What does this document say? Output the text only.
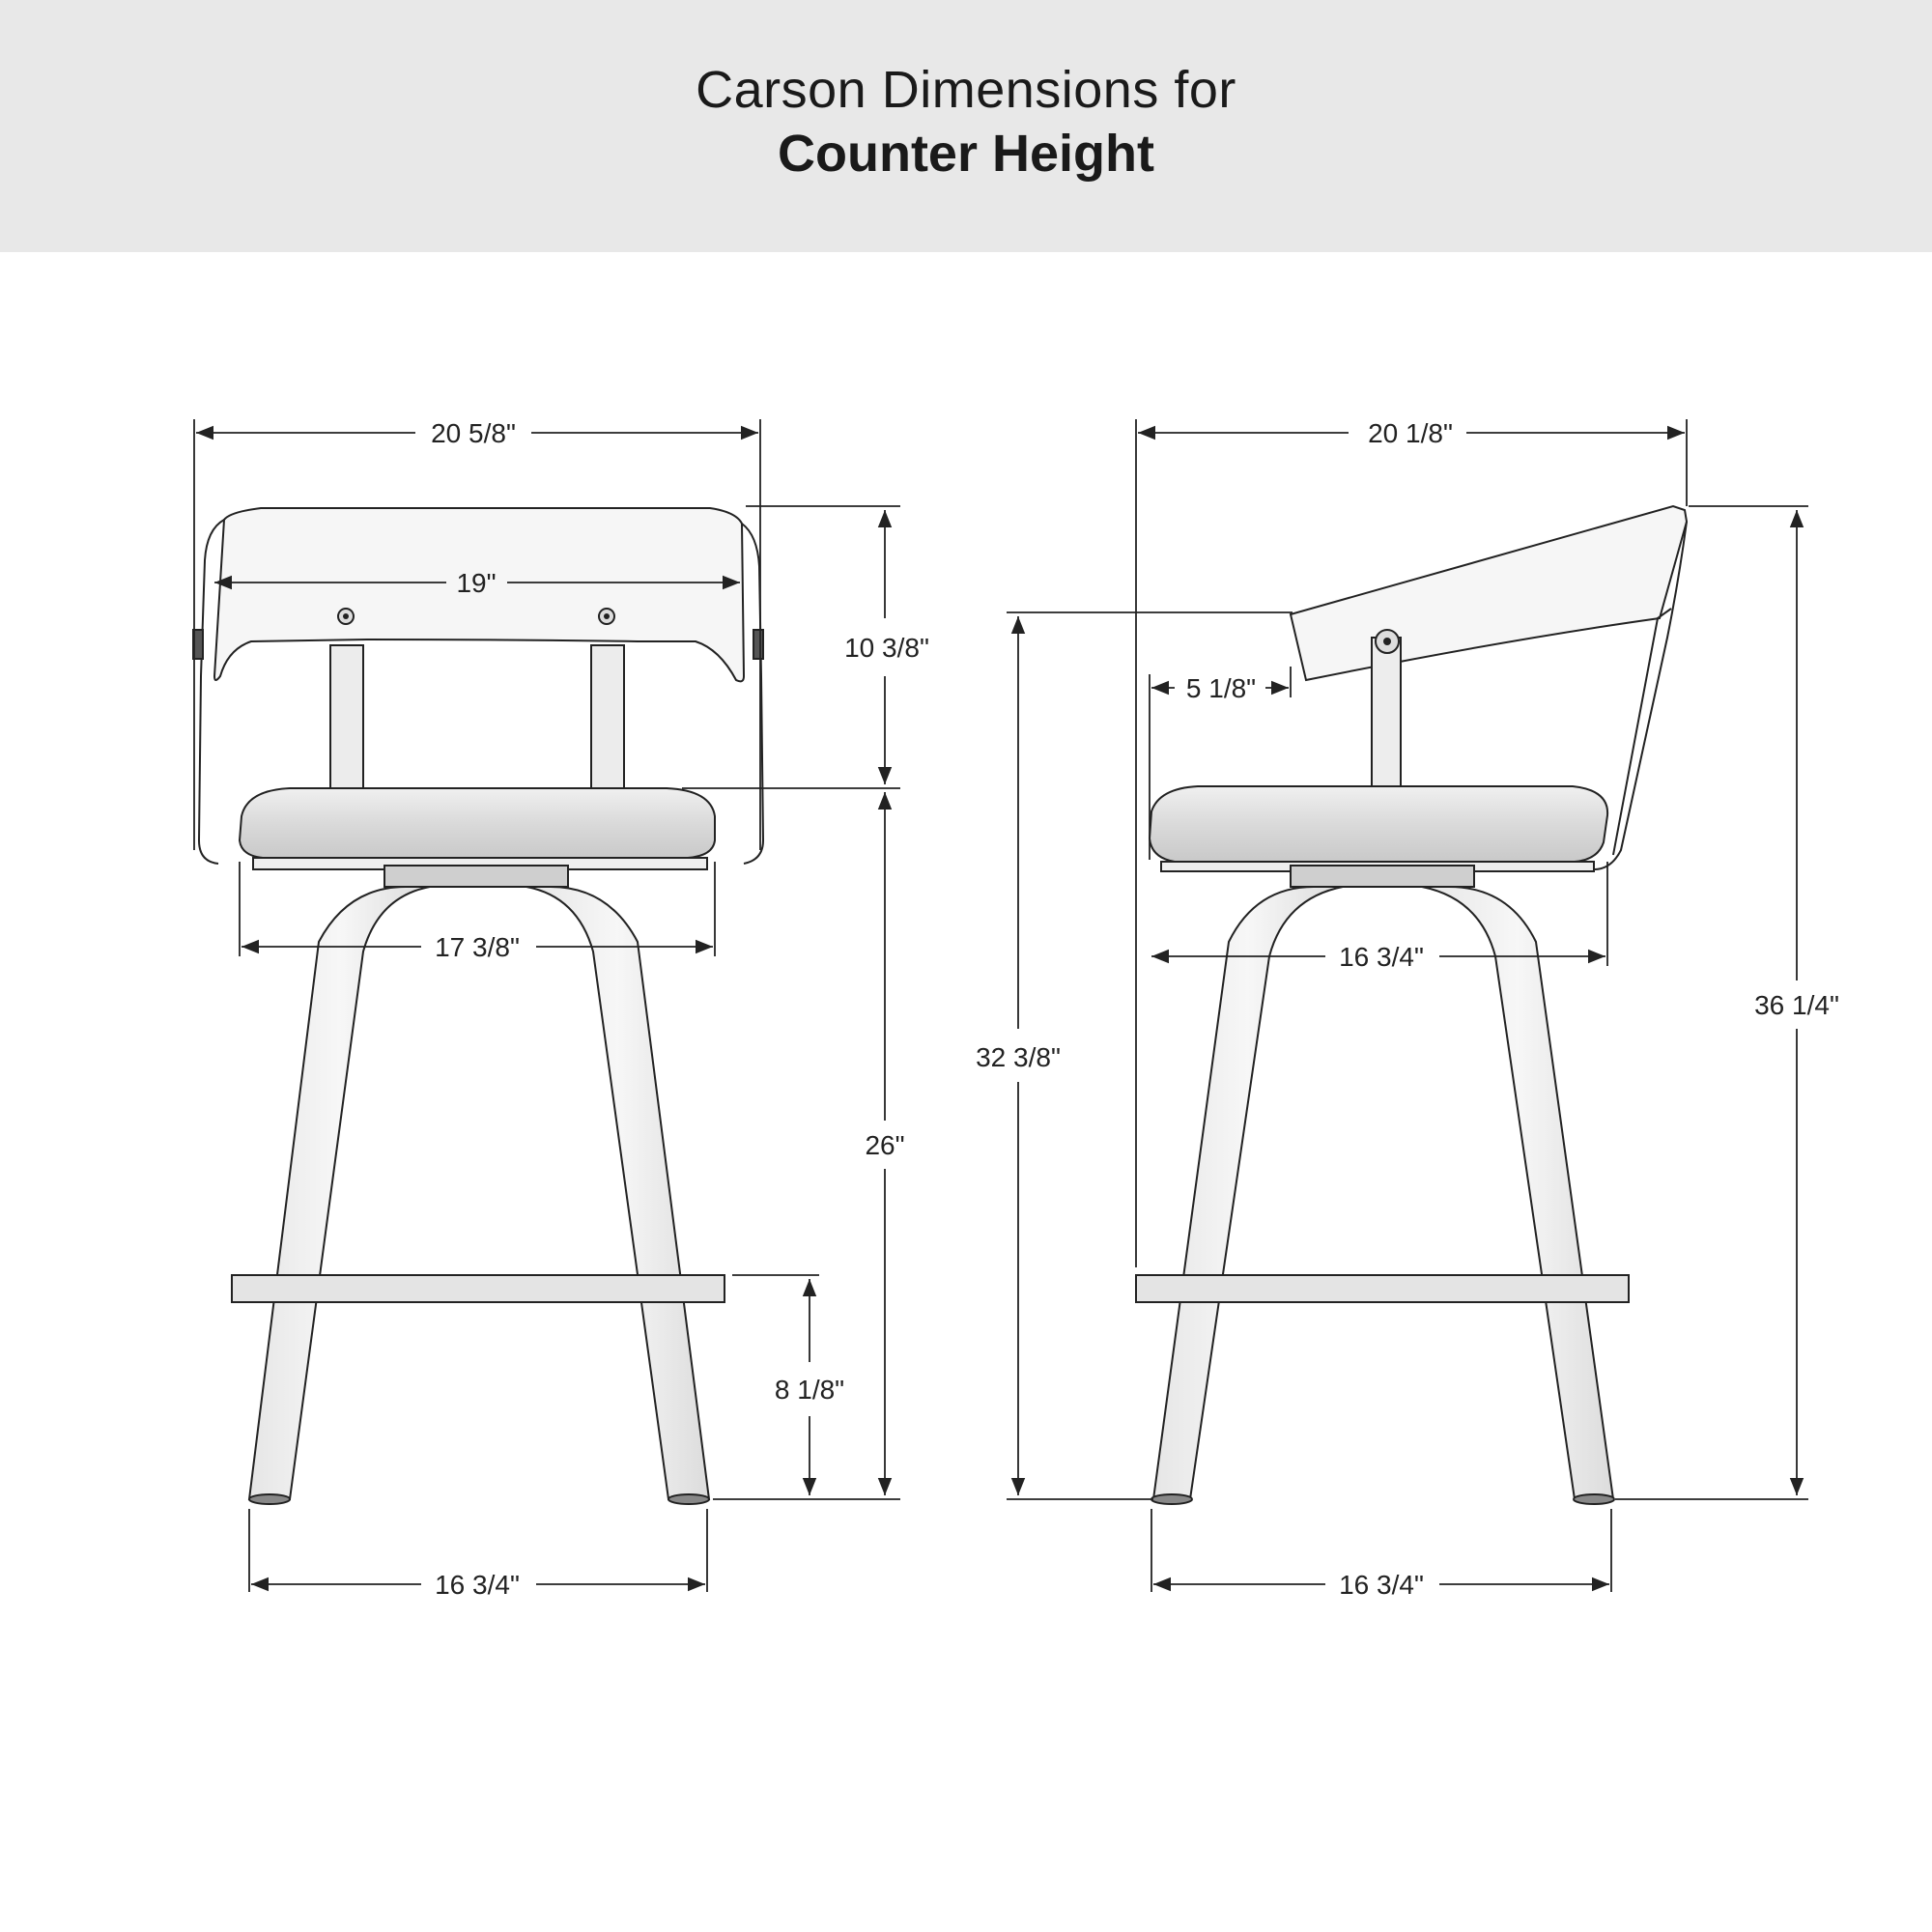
Carson Dimensions for
Counter Height
20 5/8"
19"
10 3/8"
17 3/8"
26"
8 1/8"
16 3/4"
20 1/8"
5 1/8"
32 3/8"
16 3/4"
36 1/4"
16 3/4"
